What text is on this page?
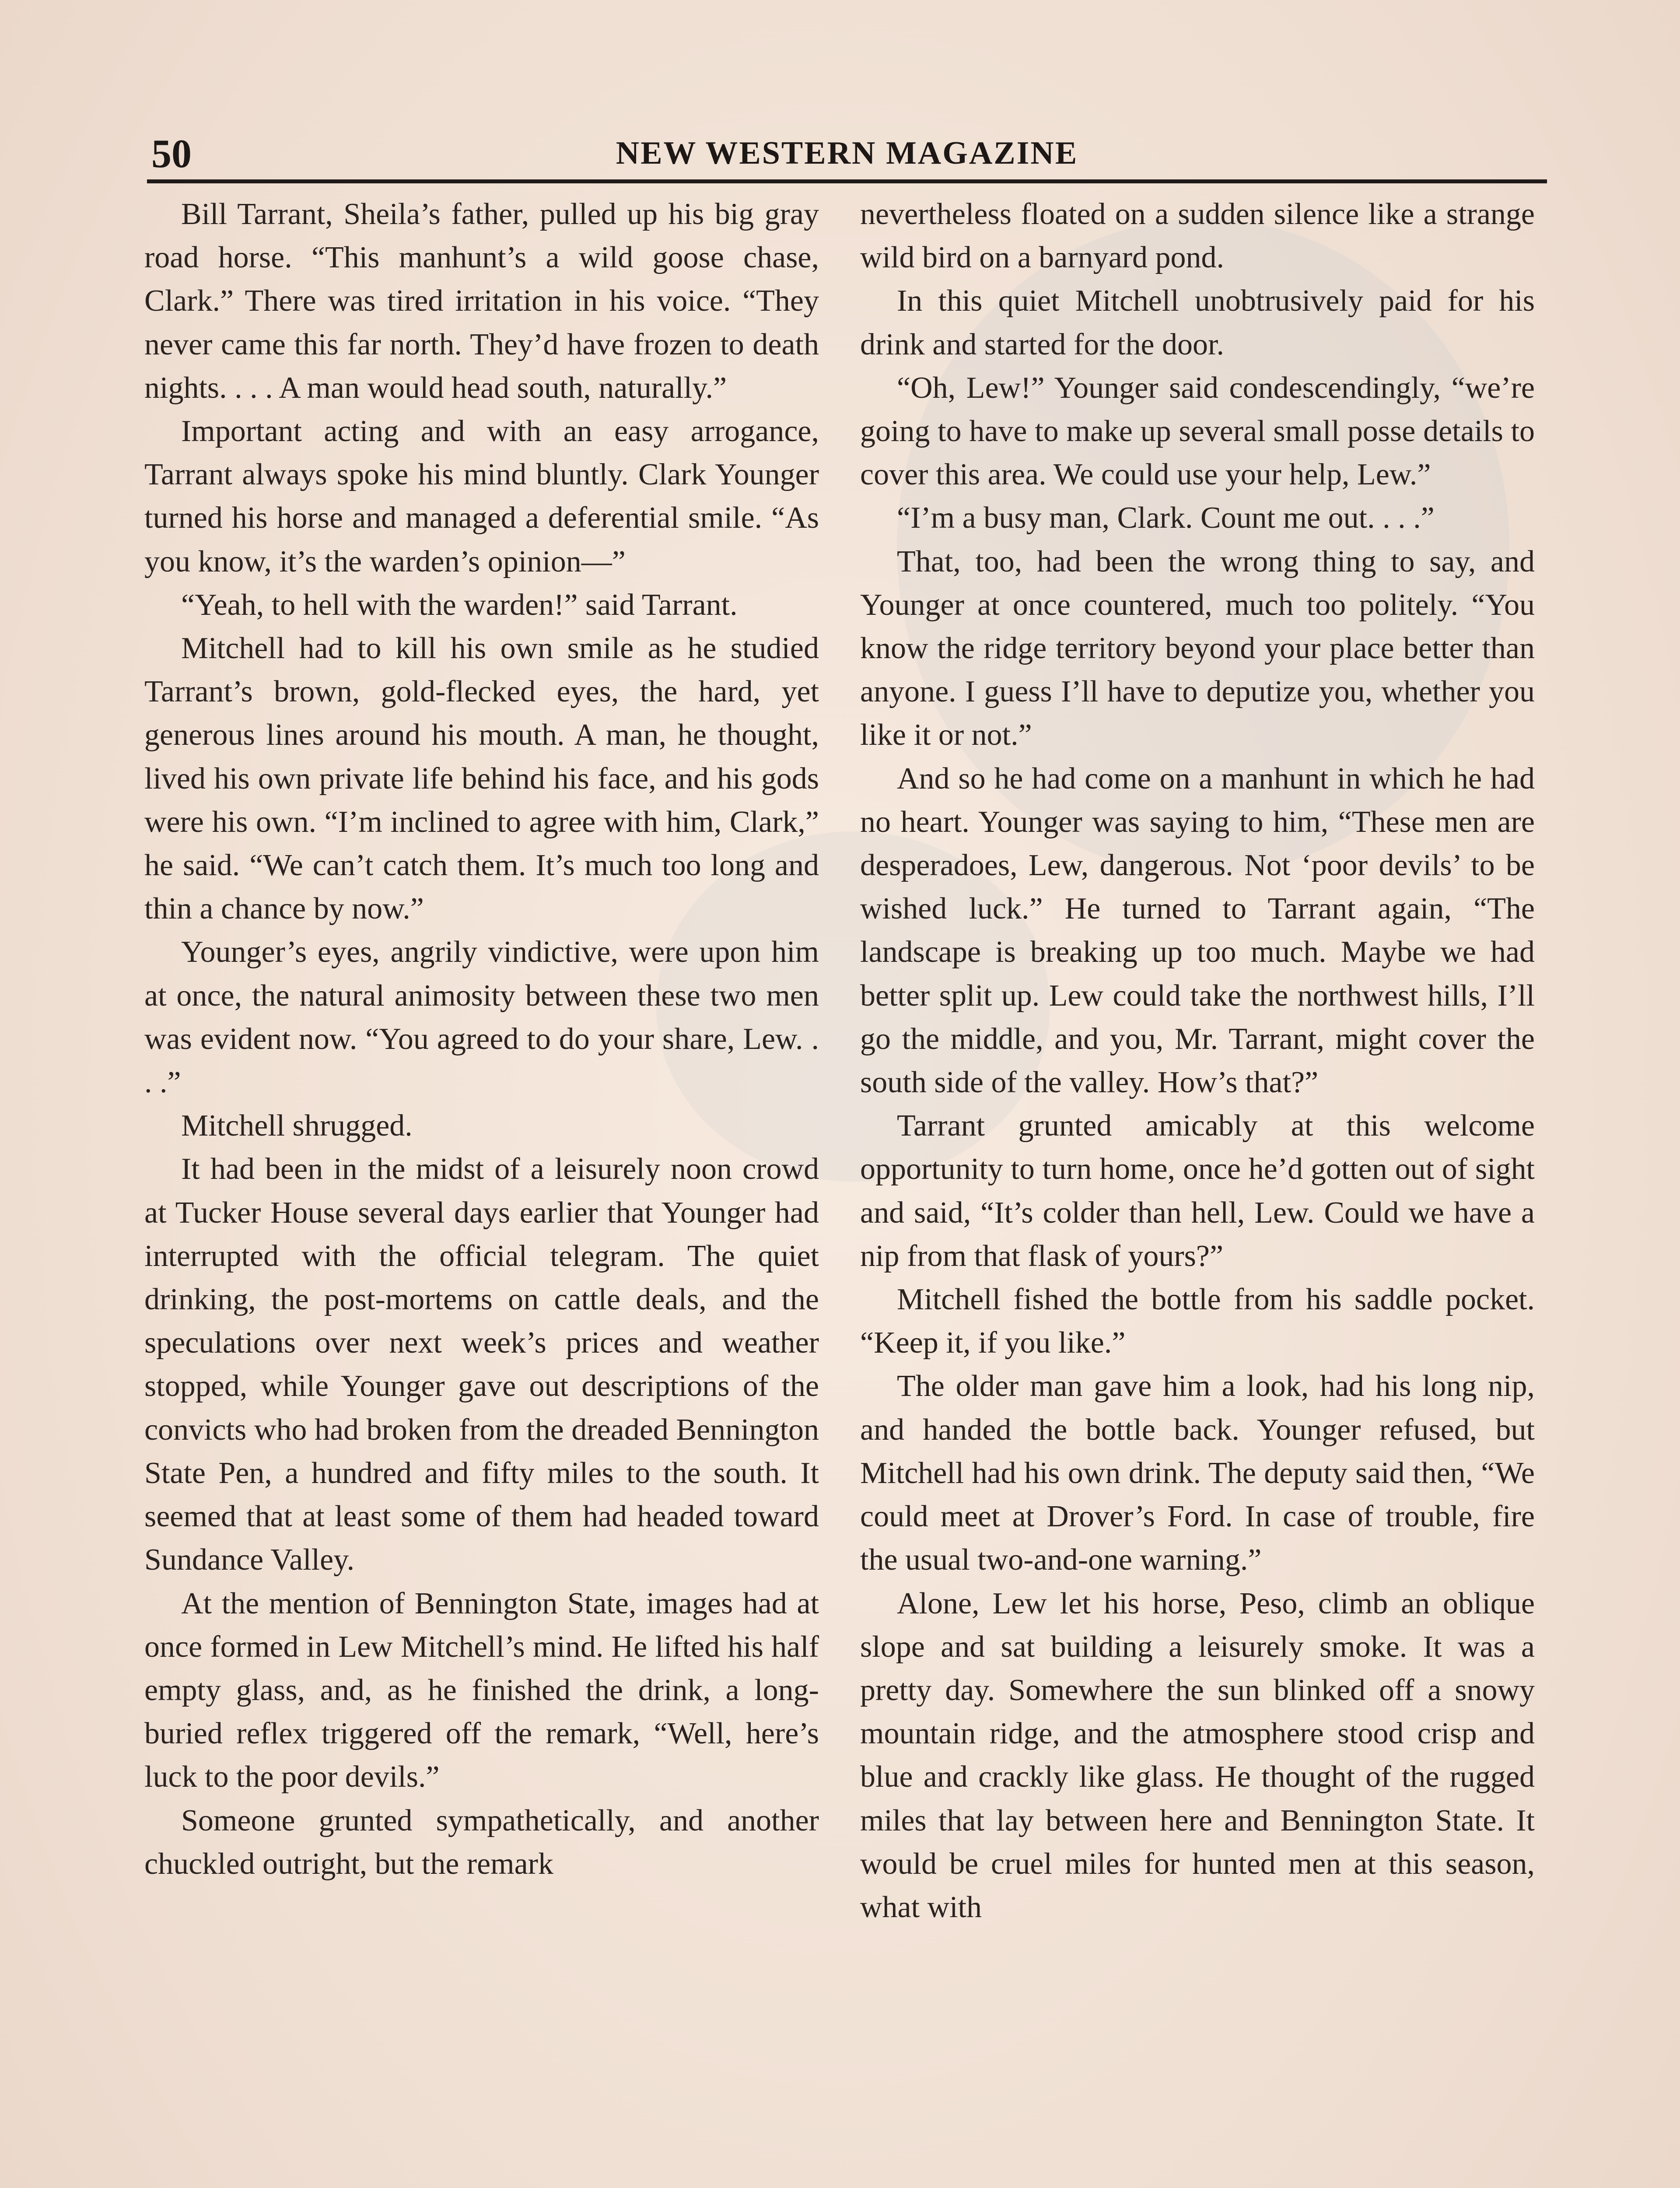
50	NEW WESTERN MAGAZINE

Bill Tarrant, Sheila’s father, pulled up his big gray road horse. “This manhunt’s a wild goose chase, Clark.” There was tired irritation in his voice. “They never came this far north. They’d have frozen to death nights. . . . A man would head south, naturally.”

Important acting and with an easy arrogance, Tarrant always spoke his mind bluntly. Clark Younger turned his horse and managed a deferential smile. “As you know, it’s the warden’s opinion—”

“Yeah, to hell with the warden!” said Tarrant.

Mitchell had to kill his own smile as he studied Tarrant’s brown, gold-flecked eyes, the hard, yet generous lines around his mouth. A man, he thought, lived his own private life behind his face, and his gods were his own. “I’m inclined to agree with him, Clark,” he said. “We can’t catch them. It’s much too long and thin a chance by now.”

Younger’s eyes, angrily vindictive, were upon him at once, the natural animosity between these two men was evident now. “You agreed to do your share, Lew. . . .”

Mitchell shrugged.

It had been in the midst of a leisurely noon crowd at Tucker House several days earlier that Younger had interrupted with the official telegram. The quiet drinking, the post-mortems on cattle deals, and the speculations over next week’s prices and weather stopped, while Younger gave out descriptions of the convicts who had broken from the dreaded Bennington State Pen, a hundred and fifty miles to the south. It seemed that at least some of them had headed toward Sundance Valley.

At the mention of Bennington State, images had at once formed in Lew Mitchell’s mind. He lifted his half empty glass, and, as he finished the drink, a long-buried reflex triggered off the remark, “Well, here’s luck to the poor devils.”

Someone grunted sympathetically, and another chuckled outright, but the remark

nevertheless floated on a sudden silence like a strange wild bird on a barnyard pond.

In this quiet Mitchell unobtrusively paid for his drink and started for the door.

“Oh, Lew!” Younger said condescendingly, “we’re going to have to make up several small posse details to cover this area. We could use your help, Lew.”

“I’m a busy man, Clark. Count me out. . . .”

That, too, had been the wrong thing to say, and Younger at once countered, much too politely. “You know the ridge territory beyond your place better than anyone. I guess I’ll have to deputize you, whether you like it or not.”

And so he had come on a manhunt in which he had no heart. Younger was saying to him, “These men are desperadoes, Lew, dangerous. Not ‘poor devils’ to be wished luck.” He turned to Tarrant again, “The landscape is breaking up too much. Maybe we had better split up. Lew could take the northwest hills, I’ll go the middle, and you, Mr. Tarrant, might cover the south side of the valley. How’s that?”

Tarrant grunted amicably at this welcome opportunity to turn home, once he’d gotten out of sight and said, “It’s colder than hell, Lew. Could we have a nip from that flask of yours?”

Mitchell fished the bottle from his saddle pocket. “Keep it, if you like.”

The older man gave him a look, had his long nip, and handed the bottle back. Younger refused, but Mitchell had his own drink. The deputy said then, “We could meet at Drover’s Ford. In case of trouble, fire the usual two-and-one warning.”

Alone, Lew let his horse, Peso, climb an oblique slope and sat building a leisurely smoke. It was a pretty day. Somewhere the sun blinked off a snowy mountain ridge, and the atmosphere stood crisp and blue and crackly like glass. He thought of the rugged miles that lay between here and Bennington State. It would be cruel miles for hunted men at this season, what with
